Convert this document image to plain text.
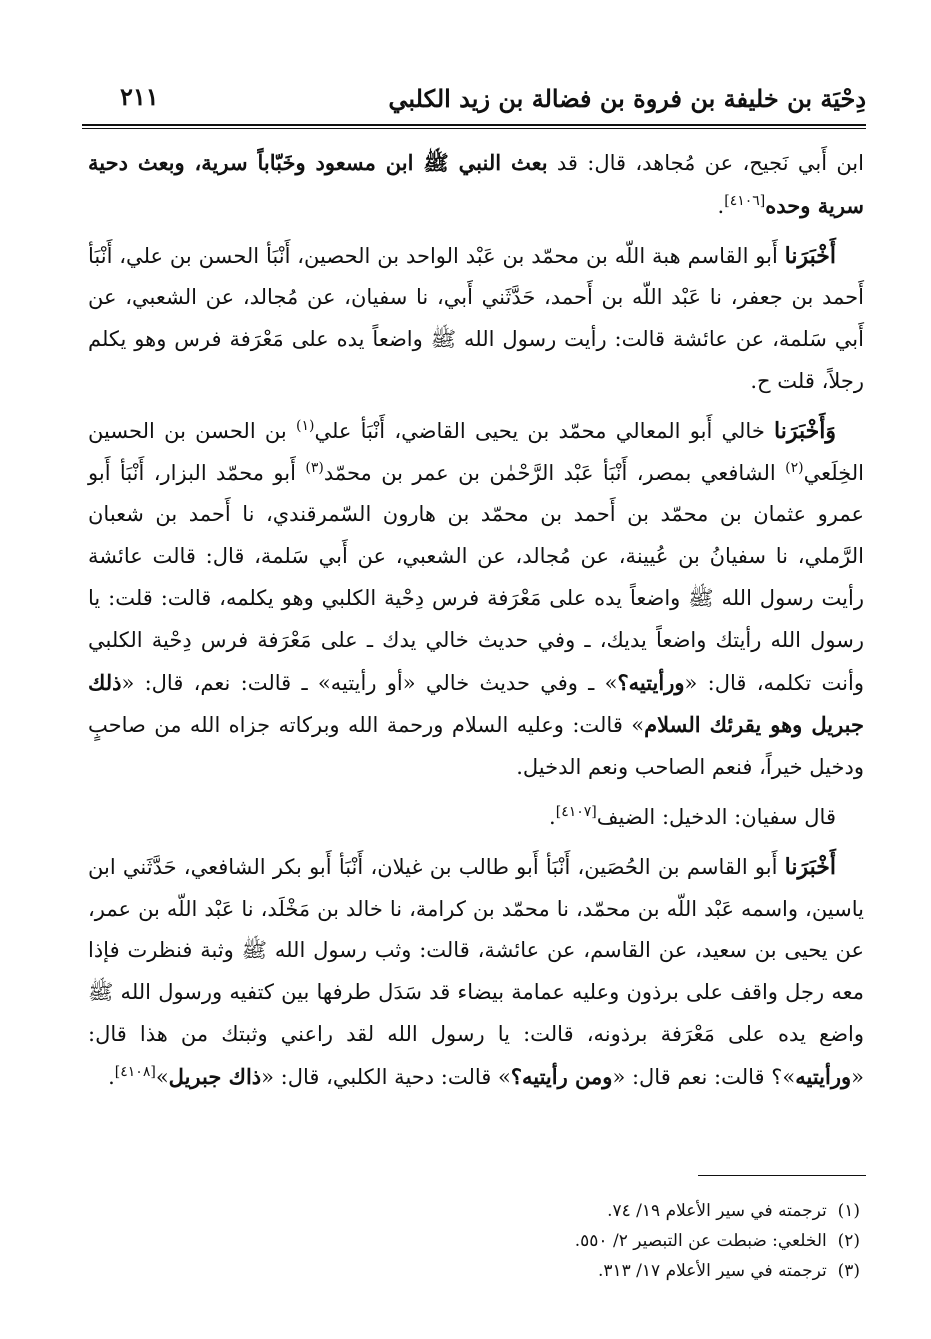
دِحْيَة بن خليفة بن فروة بن فضالة بن زيد الكلبي
٢١١

ابن أَبي نَجيح، عن مُجاهد، قال: قد بعث النبي ﷺ ابن مسعود وخَبّاباً سرية، وبعث دحية سرية وحده[٤١٠٦].

أَخْبَرَنا أَبو القاسم هبة اللّه بن محمّد بن عَبْد الواحد بن الحصين، أَنْبَأ الحسن بن علي، أَنْبَأ أَحمد بن جعفر، نا عَبْد اللّه بن أَحمد، حَدَّثَني أَبي، نا سفيان، عن مُجالد، عن الشعبي، عن أَبي سَلمة، عن عائشة قالت: رأيت رسول الله ﷺ واضعاً يده على مَعْرَفة فرس وهو يكلم رجلاً، قلت ح.

وَأَخْبَرَنا خالي أَبو المعالي محمّد بن يحيى القاضي، أَنْبَأ علي$^{(١)}$ بن الحسن بن الحسين الخِلَعي$^{(٢)}$ الشافعي بمصر، أَنْبَأ عَبْد الرَّحْمٰن بن عمر بن محمّد$^{(٣)}$ أَبو محمّد البزار، أَنْبَأ أَبو عمرو عثمان بن محمّد بن أَحمد بن محمّد بن هارون السّمرقندي، نا أَحمد بن شعبان الرَّملي، نا سفيانُ بن عُيينة، عن مُجالد، عن الشعبي، عن أَبي سَلمة، قال: قالت عائشة رأيت رسول الله ﷺ واضعاً يده على مَعْرَفة فرس دِحْية الكلبي وهو يكلمه، قالت: قلت: يا رسول الله رأيتك واضعاً يديك، ـ وفي حديث خالي يدك ـ على مَعْرَفة فرس دِحْية الكلبي وأنت تكلمه، قال: «ورأيتيه؟» ـ وفي حديث خالي «أو رأيتيه» ـ قالت: نعم، قال: «ذلك جبريل وهو يقرئك السلام» قالت: وعليه السلام ورحمة الله وبركاته جزاه الله من صاحبٍ ودخيل خيراً، فنعم الصاحب ونعم الدخيل.

قال سفيان: الدخيل: الضيف[٤١٠٧].

أَخْبَرَنا أَبو القاسم بن الحُصَين، أَنْبَأ أَبو طالب بن غيلان، أَنْبَأ أَبو بكر الشافعي، حَدَّثَني ابن ياسين، واسمه عَبْد اللّه بن محمّد، نا محمّد بن كرامة، نا خالد بن مَخْلَد، نا عَبْد اللّه بن عمر، عن يحيى بن سعيد، عن القاسم، عن عائشة، قالت: وثب رسول الله ﷺ وثبة فنظرت فإذا معه رجل واقف على برذون وعليه عمامة بيضاء قد سَدَل طرفها بين كتفيه ورسول الله ﷺ واضع يده على مَعْرَفة برذونه، قالت: يا رسول الله لقد راعني وثبتك من هذا قال: «ورأيتيه»؟ قالت: نعم قال: «ومن رأيتيه؟» قالت: دحية الكلبي، قال: «ذاك جبريل»[٤١٠٨].

(١)  ترجمته في سير الأعلام ١٩/ ٧٤.

(٢)  الخلعي: ضبطت عن التبصير ٢/ ٥٥٠.

(٣)  ترجمته في سير الأعلام ١٧/ ٣١٣.
